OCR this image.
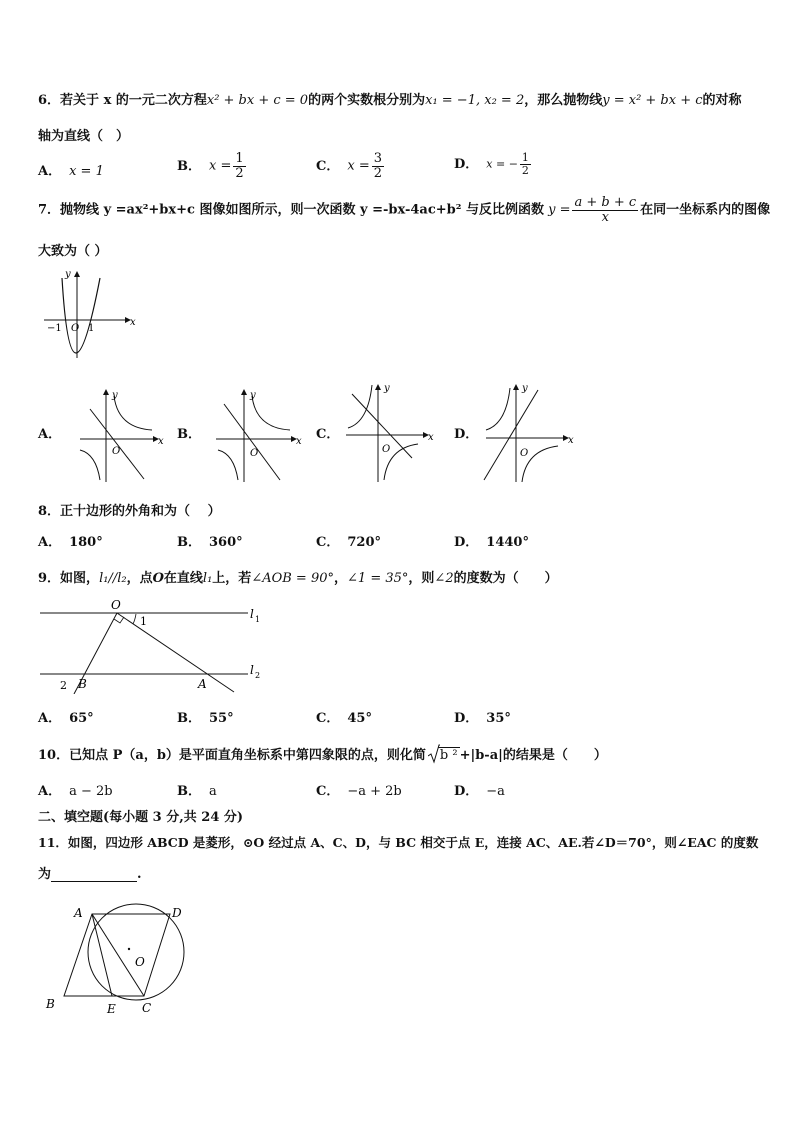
6．若关于 x 的一元二次方程x² + bx + c = 0的两个实数根分别为x₁ = −1, x₂ = 2，那么抛物线y = x² + bx + c的对称
轴为直线（　）
A． x = 1	B． $x = \frac{1}{2}$	C． $x = \frac{3}{2}$	D． x = − $\frac{1}{2}$
7．抛物线 y =ax²+bx+c 图像如图所示，则一次函数 y =-bx-4ac+b² 与反比例函数 $y = \frac{a + b + c}{x}$ 在同一坐标系内的图像
大致为（ ）
y
x
O
−1	1
A．
y
x
O
B．
y
x
O
C．
y
x
O
D．
y
x
O
8．正十边形的外角和为（　 ）
A． 180°	B． 360°	C． 720°	D． 1440°
9．如图，l₁//l₂，点O在直线l₁上，若∠AOB = 90°，∠1 = 35°，则∠2的度数为（　　）
O
1
l 1
l 2
2 B	A
A． 65°	B． 55°	C． 45°	D． 35°
10．已知点 P（a，b）是平面直角坐标系中第四象限的点，则化简 b ² +|b-a|的结果是（　　）
A． a − 2b	B． a	C． −a + 2b	D． −a
二、填空题(每小题 3 分,共 24 分)
11．如图，四边形 ABCD 是菱形，⊙O 经过点 A、C、D，与 BC 相交于点 E，连接 AC、AE.若∠D＝70°，则∠EAC 的度数
为	.
A	D
O
B	E C
